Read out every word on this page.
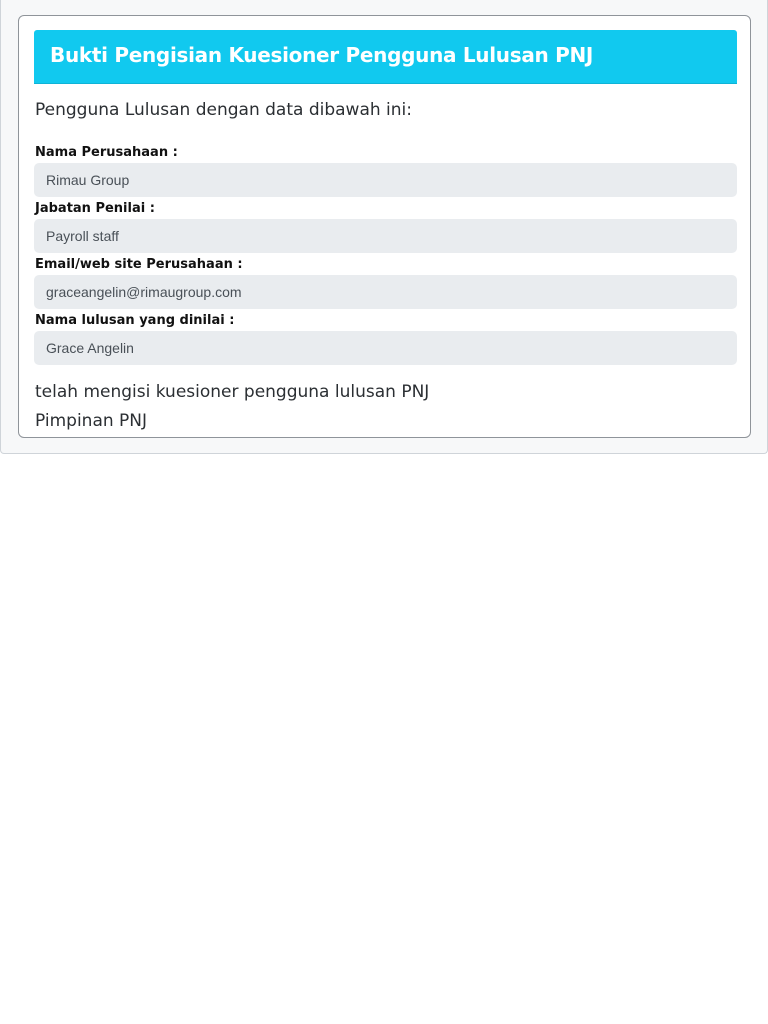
Bukti Pengisian Kuesioner Pengguna Lulusan PNJ

Pengguna Lulusan dengan data dibawah ini:

Nama Perusahaan :
Rimau Group
Jabatan Penilai :
Payroll staff
Email/web site Perusahaan :
graceangelin@rimaugroup.com
Nama lulusan yang dinilai :
Grace Angelin

telah mengisi kuesioner pengguna lulusan PNJ

Pimpinan PNJ
